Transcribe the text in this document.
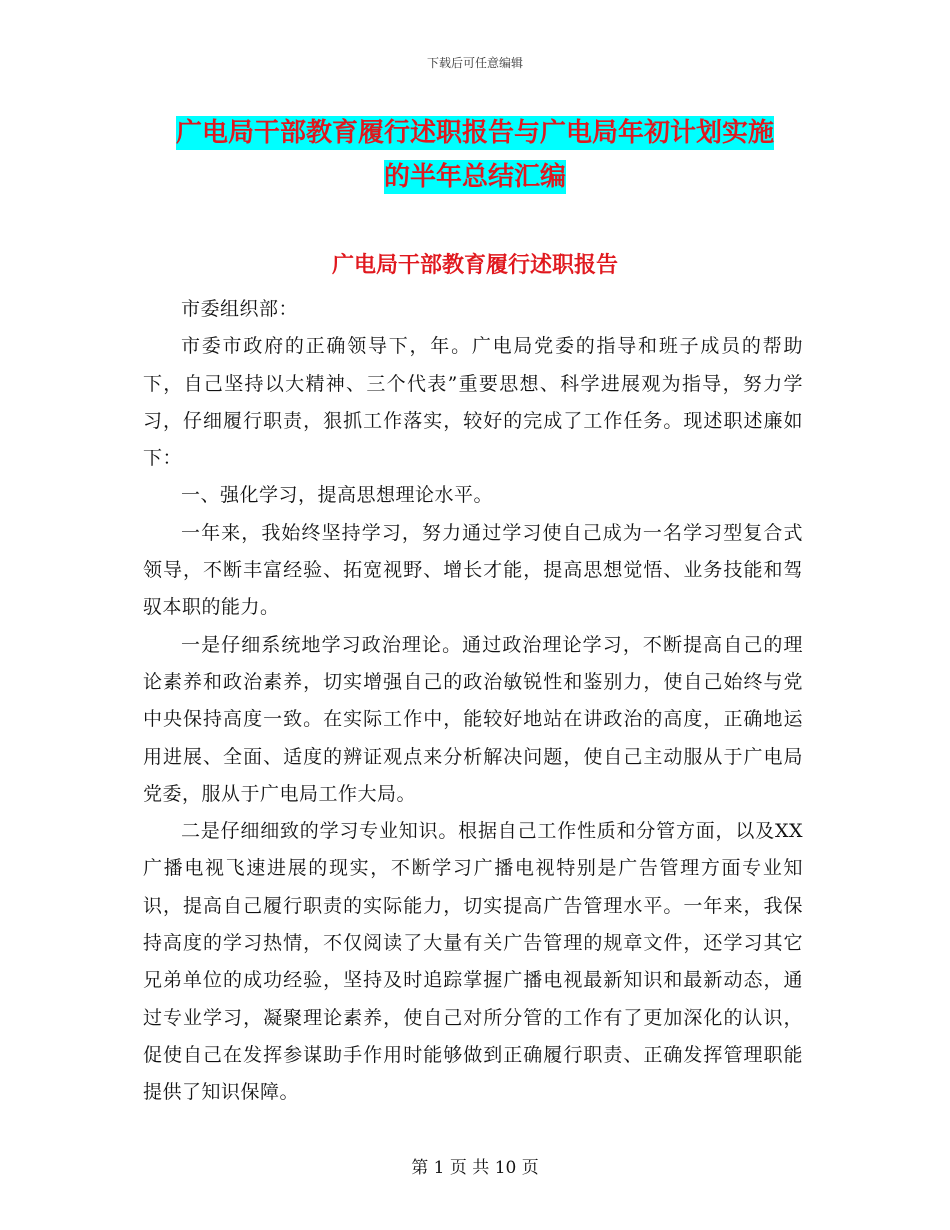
下载后可任意编辑
广电局干部教育履行述职报告与广电局年初计划实施
的半年总结汇编
广电局干部教育履行述职报告

市委组织部：

市委市政府的正确领导下，年。广电局党委的指导和班子成员的帮助下，自己坚持以大精神、三个代表”重要思想、科学进展观为指导，努力学习，仔细履行职责，狠抓工作落实，较好的完成了工作任务。现述职述廉如下：

一、强化学习，提高思想理论水平。

一年来，我始终坚持学习，努力通过学习使自己成为一名学习型复合式领导，不断丰富经验、拓宽视野、增长才能，提高思想觉悟、业务技能和驾驭本职的能力。

一是仔细系统地学习政治理论。通过政治理论学习，不断提高自己的理论素养和政治素养，切实增强自己的政治敏锐性和鉴别力，使自己始终与党中央保持高度一致。在实际工作中，能较好地站在讲政治的高度，正确地运用进展、全面、适度的辨证观点来分析解决问题，使自己主动服从于广电局党委，服从于广电局工作大局。

二是仔细细致的学习专业知识。根据自己工作性质和分管方面，以及XX广播电视飞速进展的现实，不断学习广播电视特别是广告管理方面专业知识，提高自己履行职责的实际能力，切实提高广告管理水平。一年来，我保持高度的学习热情，不仅阅读了大量有关广告管理的规章文件，还学习其它兄弟单位的成功经验，坚持及时追踪掌握广播电视最新知识和最新动态，通过专业学习，凝聚理论素养，使自己对所分管的工作有了更加深化的认识，促使自己在发挥参谋助手作用时能够做到正确履行职责、正确发挥管理职能提供了知识保障。

第 1 页 共 10 页
